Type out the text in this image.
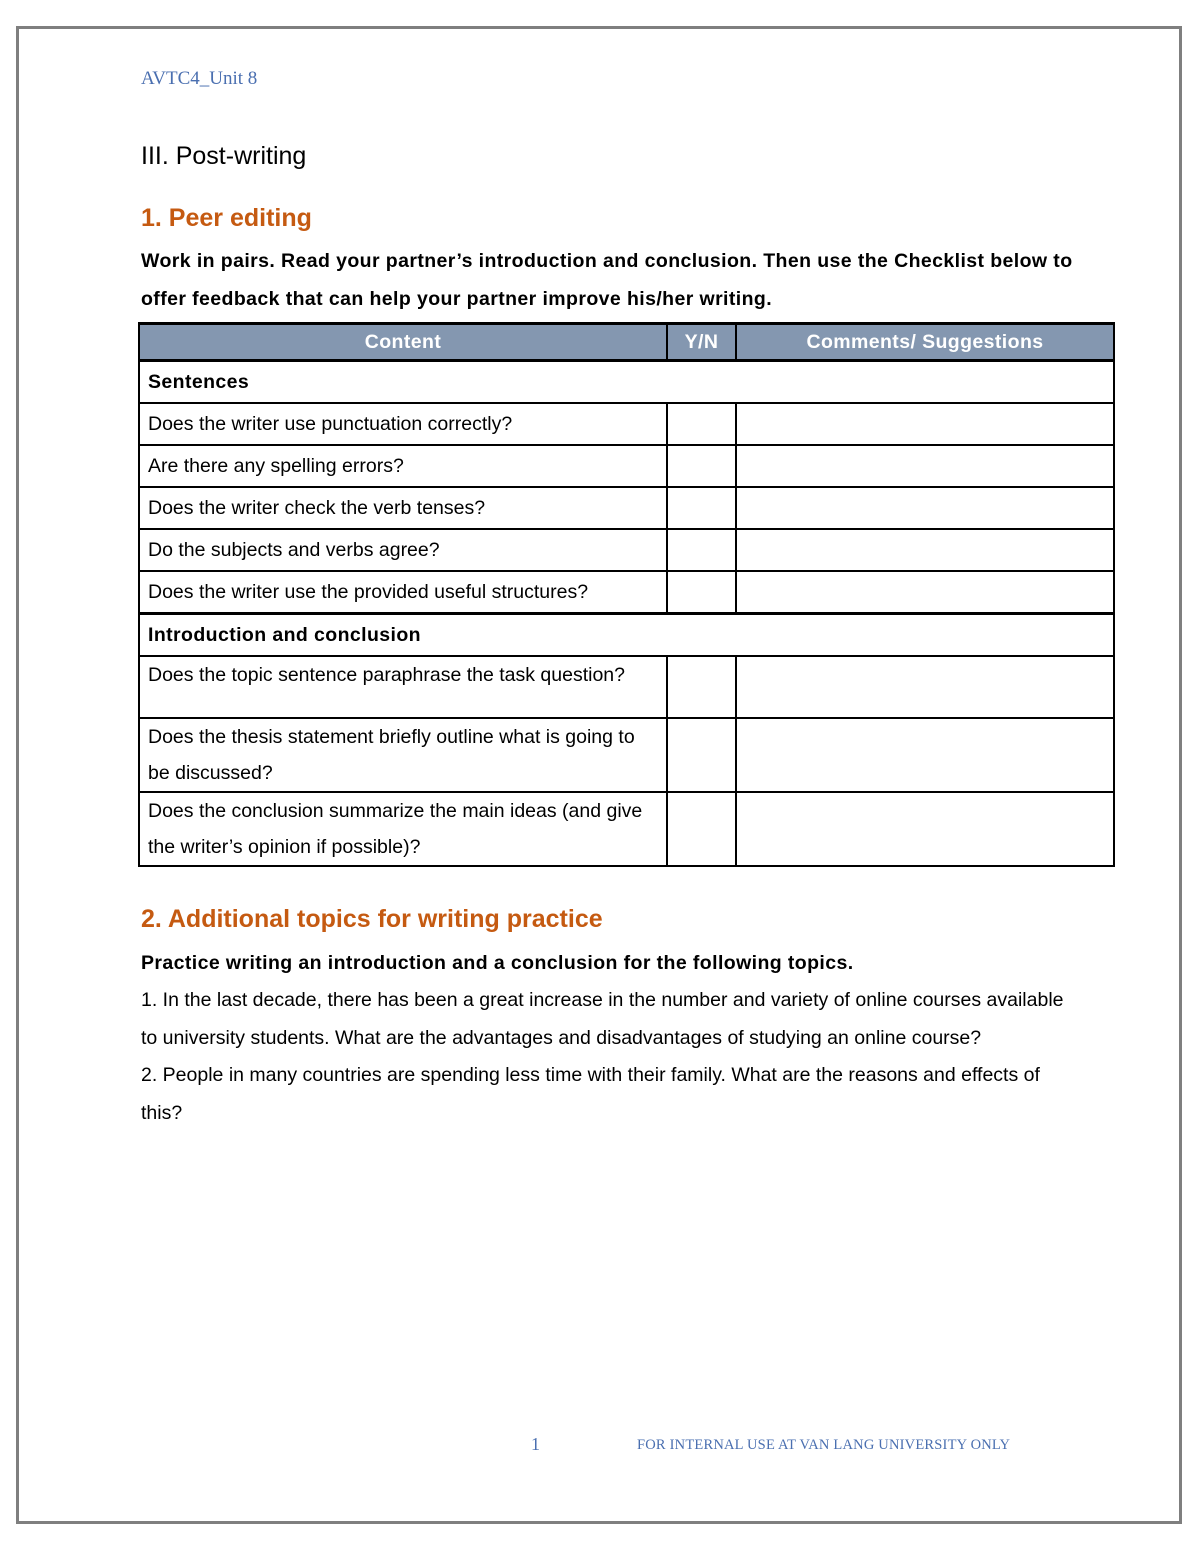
AVTC4_Unit 8
III. Post-writing
1. Peer editing
Work in pairs. Read your partner’s introduction and conclusion. Then use the Checklist below to offer feedback that can help your partner improve his/her writing.
Content	Y/N	Comments/ Suggestions
Sentences		
Does the writer use punctuation correctly?		
Are there any spelling errors?		
Does the writer check the verb tenses?		
Do the subjects and verbs agree?		
Does the writer use the provided useful structures?		
Introduction and conclusion		
Does the topic sentence paraphrase the task question?		
Does the thesis statement briefly outline what is going to be discussed?		
Does the conclusion summarize the main ideas (and give the writer’s opinion if possible)?		
2. Additional topics for writing practice
Practice writing an introduction and a conclusion for the following topics.

1. In the last decade, there has been a great increase in the number and variety of online courses available to university students. What are the advantages and disadvantages of studying an online course?

2. People in many countries are spending less time with their family. What are the reasons and effects of this?

1	FOR INTERNAL USE AT VAN LANG UNIVERSITY ONLY
